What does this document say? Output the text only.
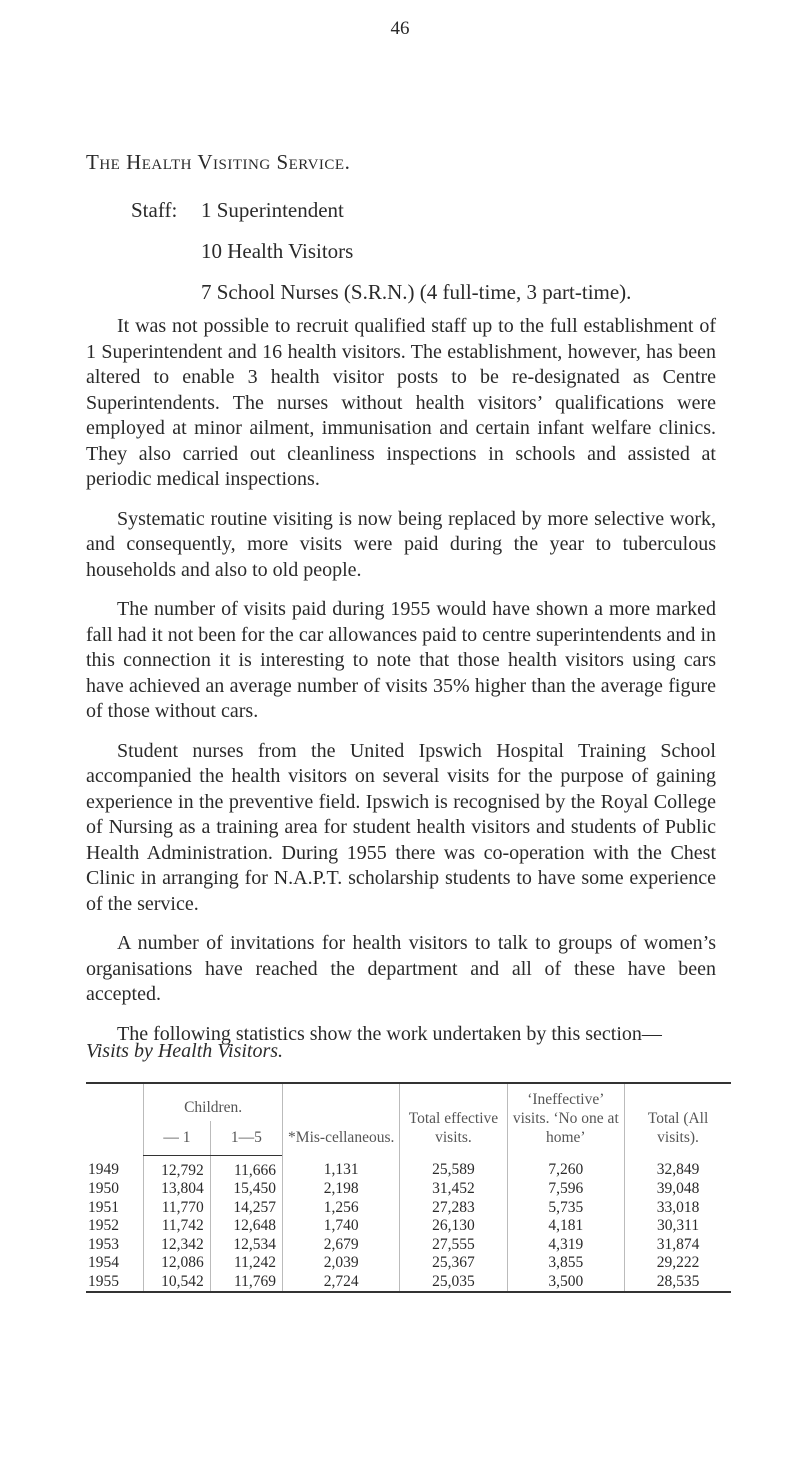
46
The Health Visiting Service.
Staff:	1 Superintendent
10 Health Visitors
7 School Nurses (S.R.N.) (4 full-time, 3 part-time).

It was not possible to recruit qualified staff up to the full establishment of 1 Superintendent and 16 health visitors. The establishment, however, has been altered to enable 3 health visitor posts to be re-designated as Centre Superintendents. The nurses without health visitors’ qualifications were employed at minor ailment, immunisation and certain infant welfare clinics. They also carried out cleanliness inspections in schools and assisted at periodic medical inspections.

Systematic routine visiting is now being replaced by more selective work, and consequently, more visits were paid during the year to tuberculous households and also to old people.

The number of visits paid during 1955 would have shown a more marked fall had it not been for the car allowances paid to centre superintendents and in this connection it is interesting to note that those health visitors using cars have achieved an average number of visits 35% higher than the average figure of those without cars.

Student nurses from the United Ipswich Hospital Training School accompanied the health visitors on several visits for the purpose of gaining experience in the preventive field. Ipswich is recognised by the Royal College of Nursing as a training area for student health visitors and students of Public Health Administration. During 1955 there was co-operation with the Chest Clinic in arranging for N.A.P.T. scholarship students to have some experience of the service.

A number of invitations for health visitors to talk to groups of women’s organisations have reached the department and all of these have been accepted.

The following statistics show the work undertaken by this section—

Visits by Health Visitors.
	Children.		*Mis-cellaneous.	Total effective visits.	‘Ineffective’ visits. ‘No one at home’	Total (All visits).
	— 1	1—5				
1949	12,792	11,666	1,131	25,589	7,260	32,849
1950	13,804	15,450	2,198	31,452	7,596	39,048
1951	11,770	14,257	1,256	27,283	5,735	33,018
1952	11,742	12,648	1,740	26,130	4,181	30,311
1953	12,342	12,534	2,679	27,555	4,319	31,874
1954	12,086	11,242	2,039	25,367	3,855	29,222
1955	10,542	11,769	2,724	25,035	3,500	28,535
